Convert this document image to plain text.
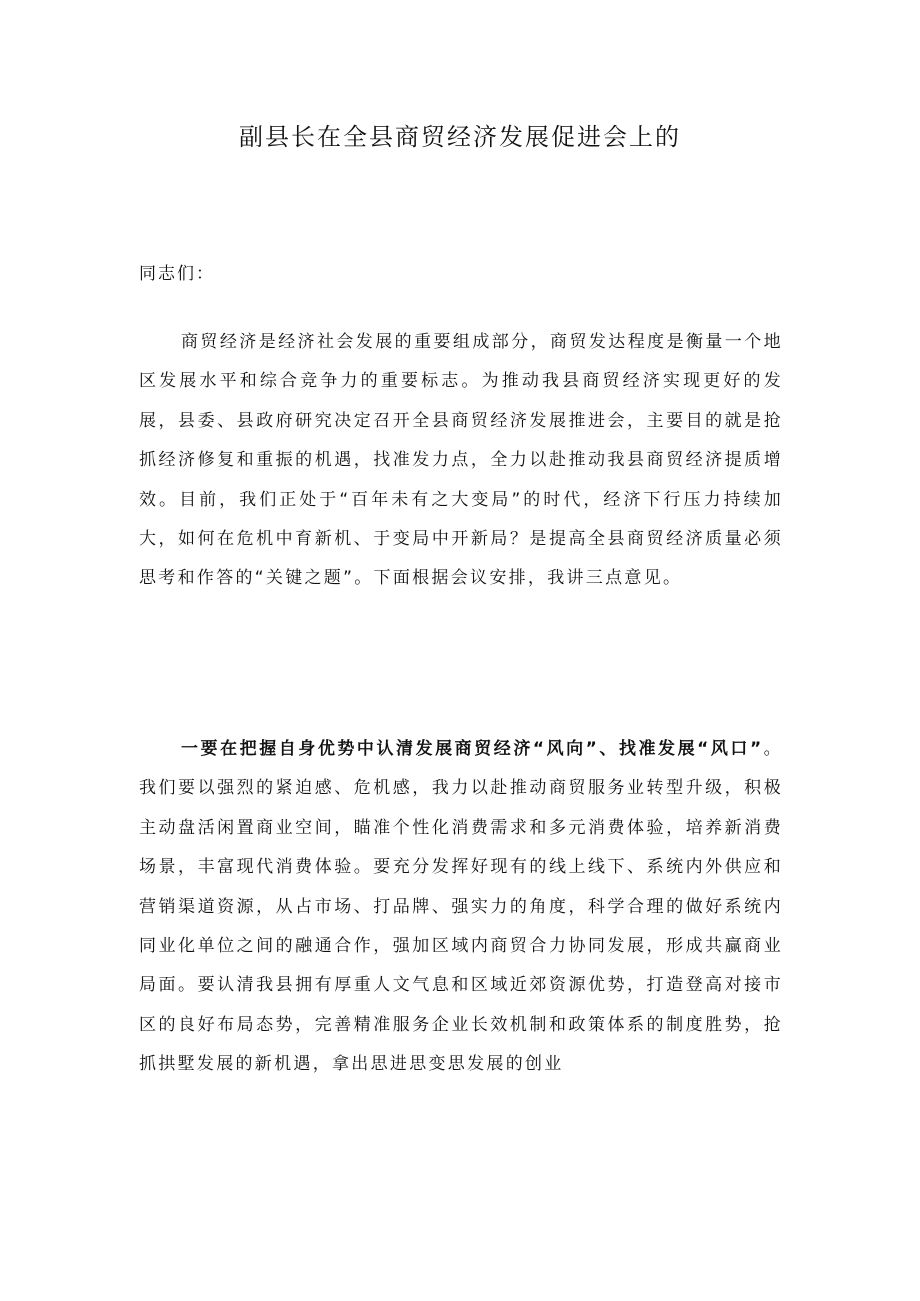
副县长在全县商贸经济发展促进会上的

同志们：

商贸经济是经济社会发展的重要组成部分，商贸发达程度是衡量一个地区发展水平和综合竞争力的重要标志。为推动我县商贸经济实现更好的发展，县委、县政府研究决定召开全县商贸经济发展推进会，主要目的就是抢抓经济修复和重振的机遇，找准发力点，全力以赴推动我县商贸经济提质增效。目前，我们正处于“百年未有之大变局”的时代，经济下行压力持续加大，如何在危机中育新机、于变局中开新局？是提高全县商贸经济质量必须思考和作答的“关键之题”。下面根据会议安排，我讲三点意见。

一要在把握自身优势中认清发展商贸经济“风向”、找准发展“风口”。我们要以强烈的紧迫感、危机感，我力以赴推动商贸服务业转型升级，积极主动盘活闲置商业空间，瞄准个性化消费需求和多元消费体验，培养新消费场景，丰富现代消费体验。要充分发挥好现有的线上线下、系统内外供应和营销渠道资源，从占市场、打品牌、强实力的角度，科学合理的做好系统内同业化单位之间的融通合作，强加区域内商贸合力协同发展，形成共赢商业局面。要认清我县拥有厚重人文气息和区域近郊资源优势，打造登高对接市区的良好布局态势，完善精准服务企业长效机制和政策体系的制度胜势，抢抓拱墅发展的新机遇，拿出思进思变思发展的创业
